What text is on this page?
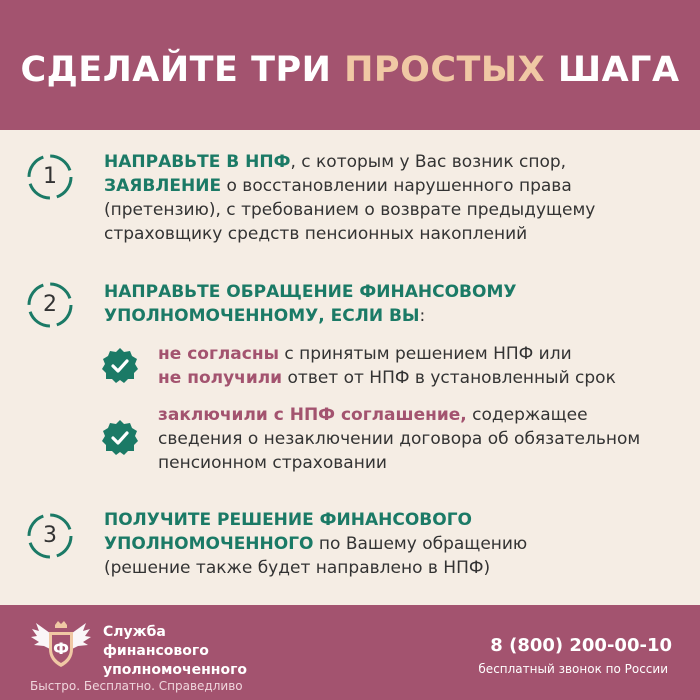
СДЕЛАЙТЕ ТРИ ПРОСТЫХ ШАГА
1
НАПРАВЬТЕ В НПФ, с которым у Вас возник спор,
ЗАЯВЛЕНИЕ о восстановлении нарушенного права
(претензию), с требованием о возврате предыдущему
страховщику средств пенсионных накоплений
2	НАПРАВЬТЕ ОБРАЩЕНИЕ ФИНАНСОВОМУ
УПОЛНОМОЧЕННОМУ, ЕСЛИ ВЫ:
не согласны с принятым решением НПФ или
не получили ответ от НПФ в установленный срок
заключили с НПФ соглашение, содержащее
сведения о незаключении договора об обязательном
пенсионном страховании
3
ПОЛУЧИТЕ РЕШЕНИЕ ФИНАНСОВОГО
УПОЛНОМОЧЕННОГО по Вашему обращению
(решение также будет направлено в НПФ)
Ф
Служба
финансового
уполномоченного
Быстро. Бесплатно. Справедливо
8 (800) 200-00-10
бесплатный звонок по России
